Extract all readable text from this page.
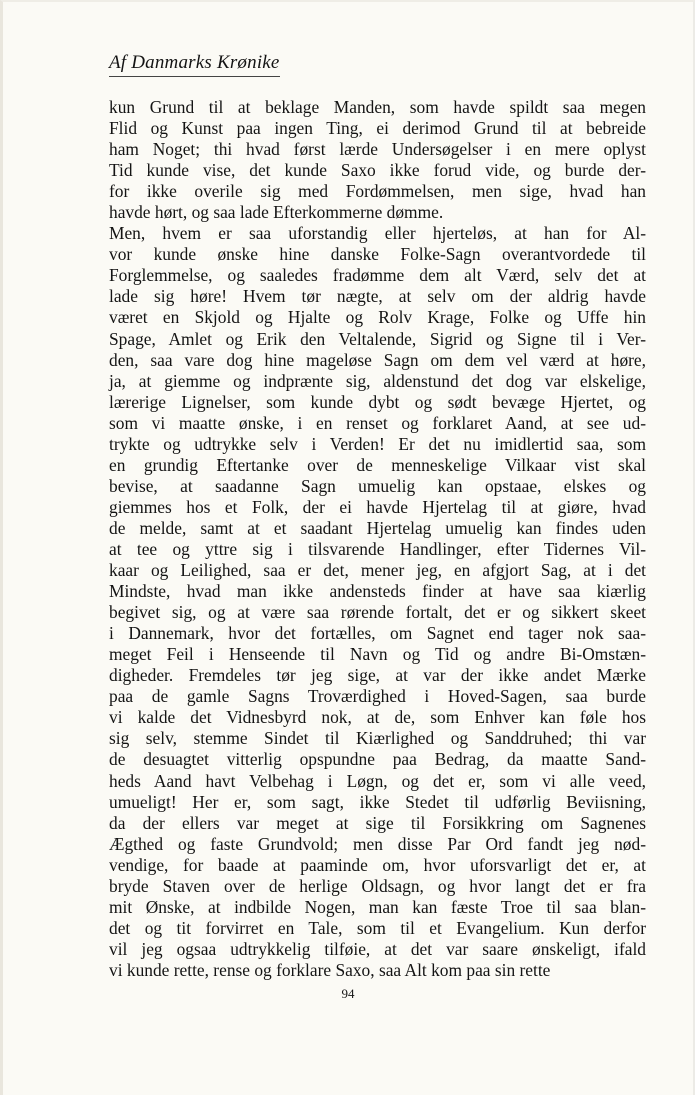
Af Danmarks Krønike
kun Grund til at beklage Manden, som havde spildt saa megen
Flid og Kunst paa ingen Ting, ei derimod Grund til at bebreide
ham Noget; thi hvad først lærde Undersøgelser i en mere oplyst
Tid kunde vise, det kunde Saxo ikke forud vide, og burde der-
for ikke overile sig med Fordømmelsen, men sige, hvad han
havde hørt, og saa lade Efterkommerne dømme.
Men, hvem er saa uforstandig eller hjerteløs, at han for Al-
vor kunde ønske hine danske Folke-Sagn overantvordede til
Forglemmelse, og saaledes fradømme dem alt Værd, selv det at
lade sig høre! Hvem tør nægte, at selv om der aldrig havde
været en Skjold og Hjalte og Rolv Krage, Folke og Uffe hin
Spage, Amlet og Erik den Veltalende, Sigrid og Signe til i Ver-
den, saa vare dog hine mageløse Sagn om dem vel værd at høre,
ja, at giemme og indprænte sig, aldenstund det dog var elskelige,
lærerige Lignelser, som kunde dybt og sødt bevæge Hjertet, og
som vi maatte ønske, i en renset og forklaret Aand, at see ud-
trykte og udtrykke selv i Verden! Er det nu imidlertid saa, som
en grundig Eftertanke over de menneskelige Vilkaar vist skal
bevise, at saadanne Sagn umuelig kan opstaae, elskes og
giemmes hos et Folk, der ei havde Hjertelag til at giøre, hvad
de melde, samt at et saadant Hjertelag umuelig kan findes uden
at tee og yttre sig i tilsvarende Handlinger, efter Tidernes Vil-
kaar og Leilighed, saa er det, mener jeg, en afgjort Sag, at i det
Mindste, hvad man ikke andensteds finder at have saa kiærlig
begivet sig, og at være saa rørende fortalt, det er og sikkert skeet
i Dannemark, hvor det fortælles, om Sagnet end tager nok saa-
meget Feil i Henseende til Navn og Tid og andre Bi-Omstæn-
digheder. Fremdeles tør jeg sige, at var der ikke andet Mærke
paa de gamle Sagns Troværdighed i Hoved-Sagen, saa burde
vi kalde det Vidnesbyrd nok, at de, som Enhver kan føle hos
sig selv, stemme Sindet til Kiærlighed og Sanddruhed; thi var
de desuagtet vitterlig opspundne paa Bedrag, da maatte Sand-
heds Aand havt Velbehag i Løgn, og det er, som vi alle veed,
umueligt! Her er, som sagt, ikke Stedet til udførlig Beviisning,
da der ellers var meget at sige til Forsikkring om Sagnenes
Ægthed og faste Grundvold; men disse Par Ord fandt jeg nød-
vendige, for baade at paaminde om, hvor uforsvarligt det er, at
bryde Staven over de herlige Oldsagn, og hvor langt det er fra
mit Ønske, at indbilde Nogen, man kan fæste Troe til saa blan-
det og tit forvirret en Tale, som til et Evangelium. Kun derfor
vil jeg ogsaa udtrykkelig tilføie, at det var saare ønskeligt, ifald
vi kunde rette, rense og forklare Saxo, saa Alt kom paa sin rette
94
